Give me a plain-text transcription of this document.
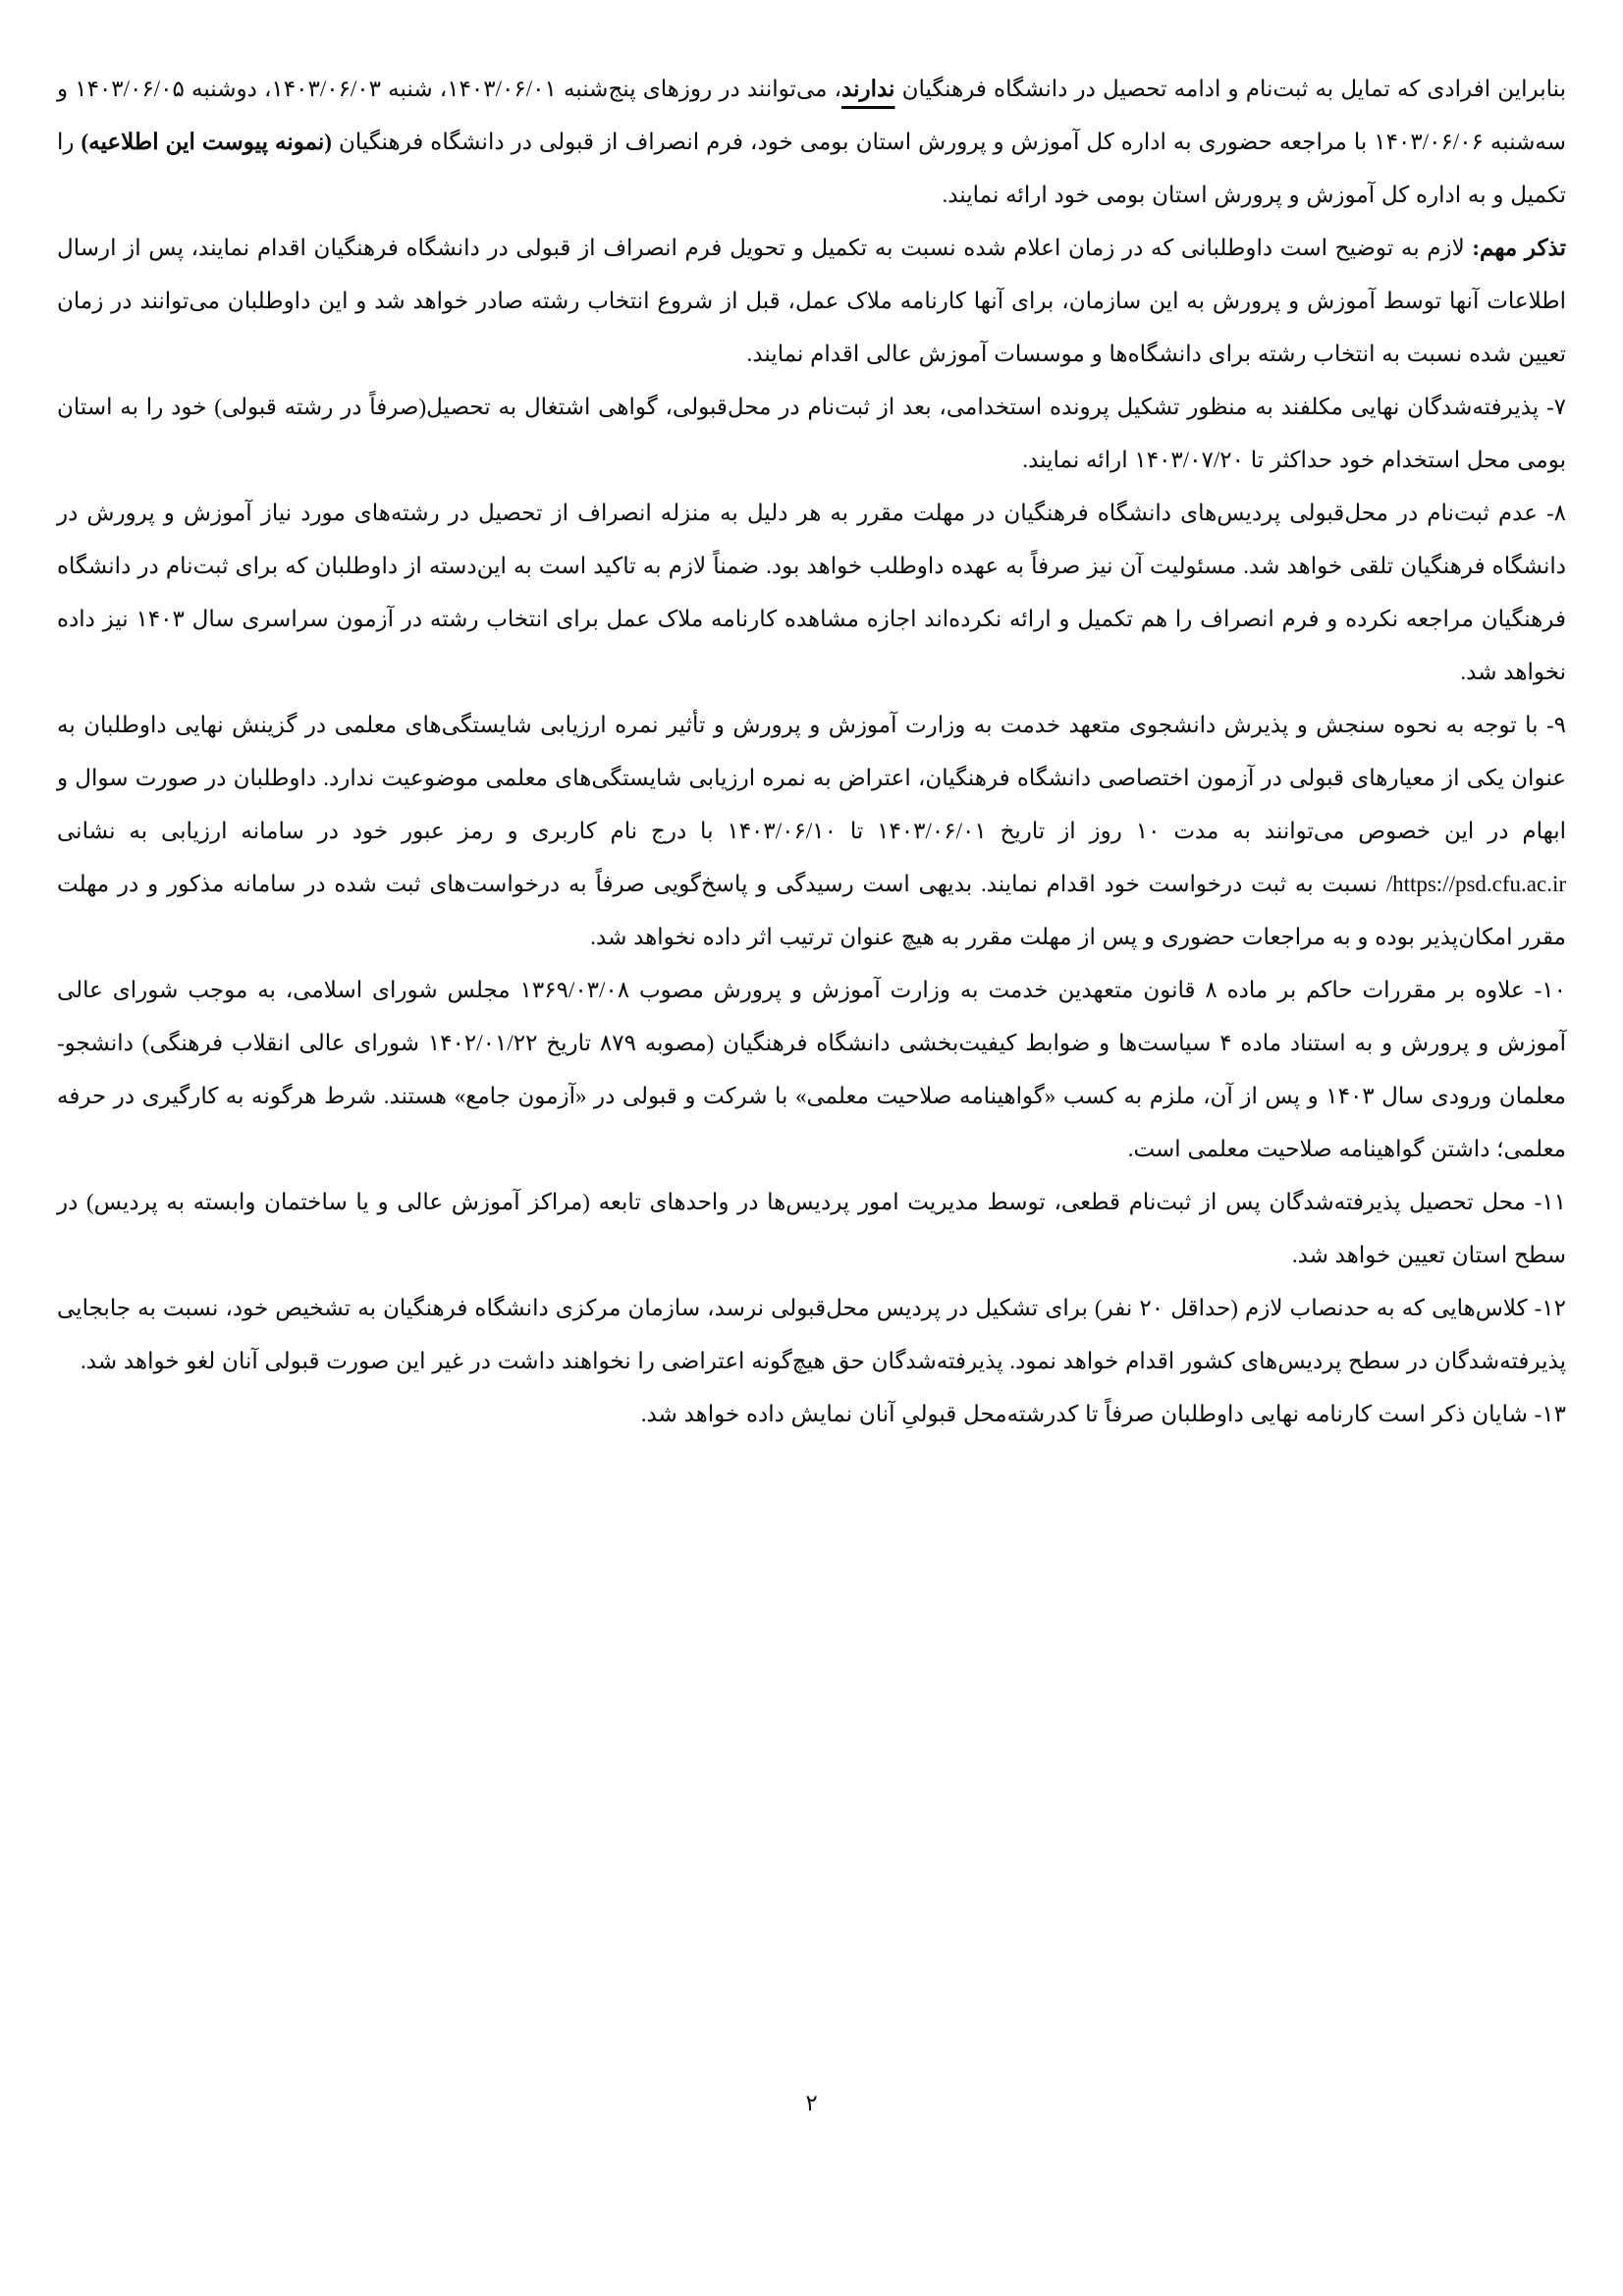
بنابراین افرادی که تمایل به ثبت‌نام و ادامه تحصیل در دانشگاه فرهنگیان ندارند، می‌توانند در روزهای پنج‌شنبه ۱۴۰۳/۰۶/۰۱، شنبه ۱۴۰۳/۰۶/۰۳، دوشنبه ۱۴۰۳/۰۶/۰۵ و سه‌شنبه ۱۴۰۳/۰۶/۰۶ با مراجعه حضوری به اداره کل آموزش و پرورش استان بومی خود، فرم انصراف از قبولی در دانشگاه فرهنگیان (نمونه پیوست این اطلاعیه) را تکمیل و به اداره کل آموزش و پرورش استان بومی خود ارائه نمایند.

تذکر مهم: لازم به توضیح است داوطلبانی که در زمان اعلام شده نسبت به تکمیل و تحویل فرم انصراف از قبولی در دانشگاه فرهنگیان اقدام نمایند، پس از ارسال اطلاعات آنها توسط آموزش و پرورش به این سازمان، برای آنها کارنامه ملاک عمل، قبل از شروع انتخاب رشته صادر خواهد شد و این داوطلبان می‌توانند در زمان تعیین شده نسبت به انتخاب رشته برای دانشگاه‌ها و موسسات آموزش عالی اقدام نمایند.

۷- پذیرفته‌شدگان نهایی مکلفند به منظور تشکیل پرونده استخدامی، بعد از ثبت‌نام در محل‌قبولی، گواهی اشتغال به تحصیل(صرفاً در رشته قبولی) خود را به استان بومی محل استخدام خود حداکثر تا ۱۴۰۳/۰۷/۲۰ ارائه نمایند.

۸- عدم ثبت‌نام در محل‌قبولی پردیس‌های دانشگاه فرهنگیان در مهلت مقرر به هر دلیل به منزله انصراف از تحصیل در رشته‌های مورد نیاز آموزش و پرورش در دانشگاه فرهنگیان تلقی خواهد شد. مسئولیت آن نیز صرفاً به عهده داوطلب خواهد بود. ضمناً لازم به تاکید است به این‌دسته از داوطلبان که برای ثبت‌نام در دانشگاه فرهنگیان مراجعه نکرده و فرم انصراف را هم تکمیل و ارائه نکرده‌اند اجازه مشاهده کارنامه ملاک عمل برای انتخاب رشته در آزمون سراسری سال ۱۴۰۳ نیز داده نخواهد شد.

۹- با توجه به نحوه سنجش و پذیرش دانشجوی متعهد خدمت به وزارت آموزش و پرورش و تأثیر نمره ارزیابی شایستگی‌های معلمی در گزینش نهایی داوطلبان به عنوان یکی از معیارهای قبولی در آزمون اختصاصی دانشگاه فرهنگیان، اعتراض به نمره ارزیابی شایستگی‌های معلمی موضوعیت ندارد. داوطلبان در صورت سوال و ابهام در این خصوص می‌توانند به مدت ۱۰ روز از تاریخ ۱۴۰۳/۰۶/۰۱ تا ۱۴۰۳/۰۶/۱۰ با درج نام کاربری و رمز عبور خود در سامانه ارزیابی به نشانی  https://psd.cfu.ac.ir/ نسبت به ثبت درخواست خود اقدام نمایند. بدیهی است رسیدگی و پاسخ‌گویی صرفاً به درخواست‌های ثبت شده در سامانه مذکور و در مهلت مقرر امکان‌پذیر بوده و به مراجعات حضوری و پس از مهلت مقرر به هیچ عنوان ترتیب اثر داده نخواهد شد.

۱۰- علاوه بر مقررات حاکم بر ماده ۸ قانون متعهدین خدمت به وزارت آموزش و پرورش مصوب ۱۳۶۹/۰۳/۰۸ مجلس شورای اسلامی، به موجب شورای عالی آموزش و پرورش و به استناد ماده ۴ سیاست‌ها و ضوابط کیفیت‌بخشی دانشگاه فرهنگیان (مصوبه ۸۷۹ تاریخ ۱۴۰۲/۰۱/۲۲ شورای عالی انقلاب فرهنگی) دانشجو- معلمان ورودی سال ۱۴۰۳ و پس از آن، ملزم به کسب «گواهینامه صلاحیت معلمی» با شرکت و قبولی در «آزمون جامع» هستند. شرط هرگونه به کارگیری در حرفه معلمی؛ داشتن گواهینامه صلاحیت معلمی است.

۱۱- محل تحصیل پذیرفته‌شدگان پس از ثبت‌نام قطعی، توسط مدیریت امور پردیس‌ها در واحدهای تابعه (مراکز آموزش عالی و یا ساختمان وابسته به پردیس) در سطح استان تعیین خواهد شد.

۱۲- کلاس‌هایی که به حدنصاب لازم (حداقل ۲۰ نفر) برای تشکیل در پردیس محل‌قبولی نرسد، سازمان مرکزی دانشگاه فرهنگیان به تشخیص خود، نسبت به جابجایی پذیرفته‌شدگان در سطح پردیس‌های کشور اقدام خواهد نمود. پذیرفته‌شدگان حق هیچ‌گونه اعتراضی را نخواهند داشت در غیر این صورت قبولی آنان لغو خواهد شد.

۱۳- شایان ذکر است کارنامه نهایی داوطلبان صرفاً تا کدرشته‌محل قبولیِ آنان نمایش داده خواهد شد.

۲
